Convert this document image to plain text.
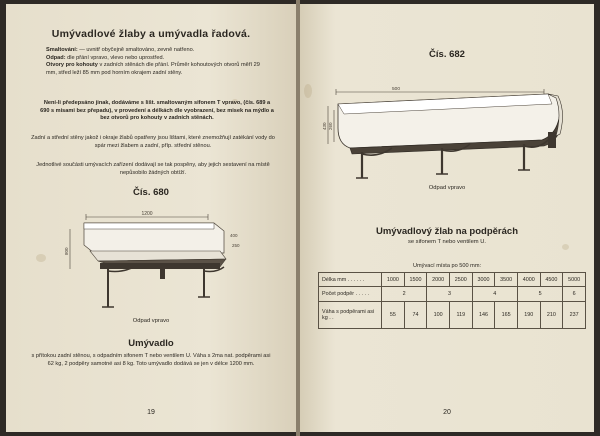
Umývadlové žlaby a umývadla řadová.

Smaltování: — uvnitř obyčejně smaltováno, zevně natřeno.
Odpad: dle přání vpravo, vlevo nebo uprostřed.
Otvory pro kohouty v zadních stěnách dle přání. Průměr kohoutových otvorů měří 29 mm, střed leží 85 mm pod horním okrajem zadní stěny.

Není-li předepsáno jinak, dodáváme s lišt. smaltovaným sifonem T vpravo, (čís. 689 a 690 s misami bez přepadu), v provedení a délkách dle vyobrazení, bez misek na mýdlo a bez otvorů pro kohouty v zadních stěnách.

Zadní a střední stěny jakož i okraje žlabů opatřeny jsou lištami, které znemožňují zatékání vody do spár mezi žlabem a zadní, příp. střední stěnou.

Jednotlivé součásti umývacích zařízení dodávají se tak pospěny, aby jejich sestavení na místě nepůsobilo žádných obtíží.

Čís. 680

1200
800
400
250

Odpad vpravo

Umývadlo

s přítokou zadní stěnou, s odpadním sifonem T nebo ventilem U. Váha s 2ma nat. podpěrami asi 62 kg, 2 podpěry samotné asi 8 kg. Toto umývadlo dodává se jen v délce 1200 mm.

19

Čís. 682

500
430 260

Odpad vpravo

Umývadlový žlab na podpěrách

se sifonem T nebo ventilem U.

Umývací místa po 500 mm:

Délka mm . . . . . .	1000	1500	2000	2500	3000	3500	4000	4500	5000
Počet podpěr . . . . .	2		3		4		5		6
Váha s podpěrami asi kg . .	55	74	100	119	146	165	190	210	237

20
